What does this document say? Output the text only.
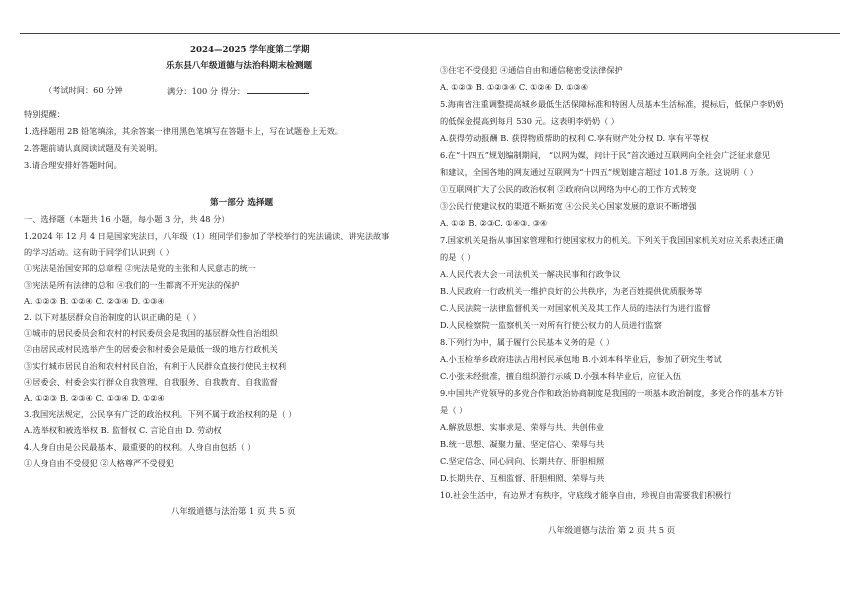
2024—2025 学年度第二学期
乐东县八年级道德与法治科期末检测题
（考试时间：60 分钟	满分：100 分 得分：
特别提醒：
1.选择题用 2B 铅笔填涂，其余答案一律用黑色笔填写在答题卡上，写在试题卷上无效。
2.答题前请认真阅读试题及有关说明。
3.请合理安排好答题时间。
第一部分 选择题
一、选择题（本题共 16 小题，每小题 3 分，共 48 分）
1.2024 年 12 月 4 日是国家宪法日，八年级（1）班同学们参加了学校举行的宪法诵读、讲宪法故事
的学习活动。这有助于同学们认识到（ ）
①宪法是治国安邦的总章程 ②宪法是党的主张和人民意志的统一
③宪法是所有法律的总和 ④我们的一生都离不开宪法的保护
A. ①②③ B. ①②④ C. ②③④ D. ①③④
2. 以下对基层群众自治制度的认识正确的是（ ）
①城市的居民委员会和农村的村民委员会是我国的基层群众性自治组织
②由居民或村民选举产生的居委会和村委会是最低一级的地方行政机关
③实行城市居民自治和农村村民自治，有利于人民群众直接行使民主权利
④居委会、村委会实行群众自我管理、自我服务、自我教育、自我监督
A. ①②③ B. ②③④ C. ①③④ D. ①②④
3.我国宪法规定，公民享有广泛的政治权利。下列不属于政治权利的是（ ）
A.选举权和被选举权 B. 监督权 C. 言论自由 D. 劳动权
4.人身自由是公民最基本、最重要的的权利。人身自由包括（ ）
①人身自由不受侵犯 ②人格尊严不受侵犯
八年级道德与法治第 1 页 共 5 页
③住宅不受侵犯 ④通信自由和通信秘密受法律保护
A. ①②③ B. ①②③④ C. ①②④ D. ①③④
5.海南省注重调整提高城乡最低生活保障标准和特困人员基本生活标准，提标后，低保户李奶奶
的低保金提高到每月 530 元。这表明李奶奶（ ）
A.获得劳动报酬 B. 获得物质帮助的权利 C.享有财产处分权 D. 享有平等权
6.在“十四五”规划编制期间， “以网为媒，问计于民”首次通过互联网向全社会广泛征求意见
和建议，全国各地的网友通过互联网为“十四五”规划建言超过 101.8 万条。这说明（ ）
①互联网扩大了公民的政治权利 ②政府向以网络为中心的工作方式转变
③公民行使建议权的渠道不断拓宽 ④公民关心国家发展的意识不断增强
A. ①② B. ②③C. ①④③. ③④
7.国家机关是指从事国家管理和行使国家权力的机关。下列关于我国国家机关对应关系表述正确
的是（ ）
A.人民代表大会一司法机关一解决民事和行政争议
B.人民政府一行政机关一维护良好的公共秩序，为老百姓提供优质服务等
C.人民法院一法律监督机关一对国家机关及其工作人员的违法行为进行监督
D.人民检察院一监察机关一对所有行使公权力的人员进行监察
8.下列行为中，属于履行公民基本义务的是（ ）
A.小玉检举乡政府违法占用村民承包地 B.小刘本科毕业后，参加了研究生考试
C.小张未经批准，擅自组织游行示威 D.小强本科毕业后，应征入伍
9.中国共产党领导的多党合作和政治协商制度是我国的一项基本政治制度，多党合作的基本方针
是（ ）
A.解放思想、实事求是、荣辱与共、共创伟业
B.统一思想、凝聚力量、坚定信心、荣辱与共
C.坚定信念、同心同向、长期共存、肝胆相照
D.长期共存、互相监督、肝胆相照、荣辱与共
10.社会生活中，有边界才有秩序，守底线才能享自由，珍视自由需要我们积极行
八年级道德与法治 第 2 页 共 5 页
